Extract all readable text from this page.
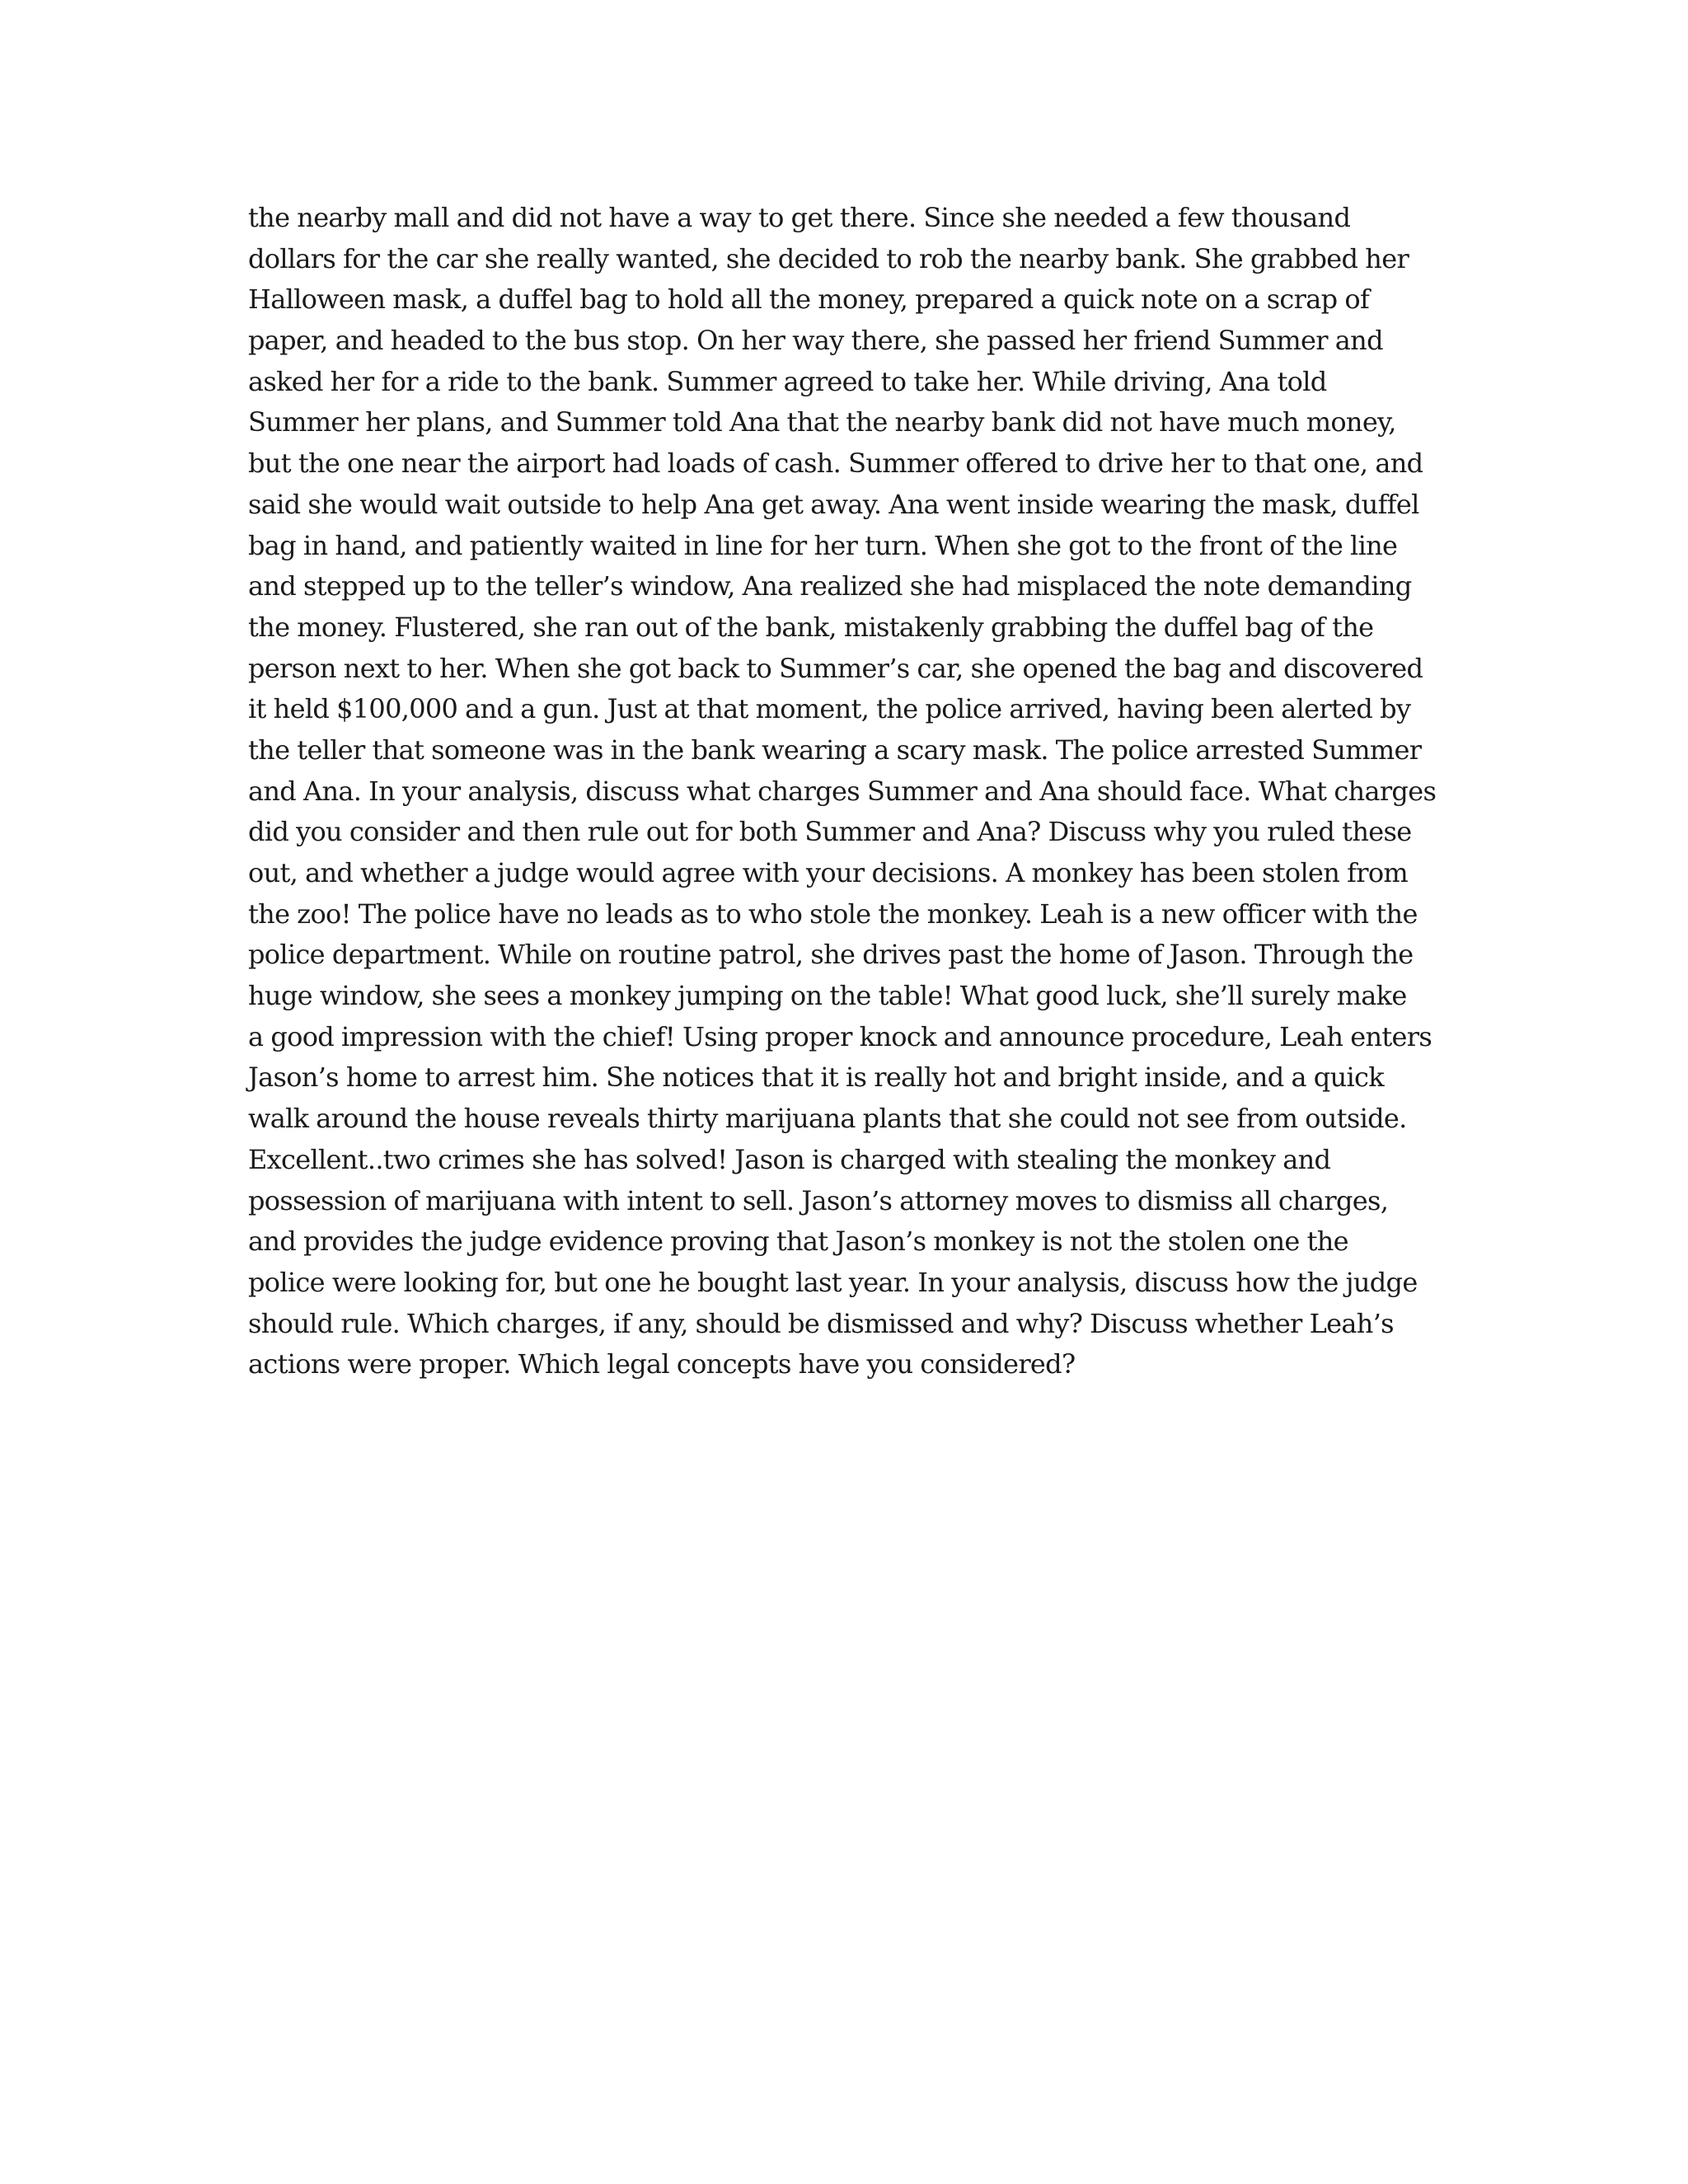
the nearby mall and did not have a way to get there. Since she needed a few thousand
dollars for the car she really wanted, she decided to rob the nearby bank. She grabbed her
Halloween mask, a duffel bag to hold all the money, prepared a quick note on a scrap of
paper, and headed to the bus stop. On her way there, she passed her friend Summer and
asked her for a ride to the bank. Summer agreed to take her. While driving, Ana told
Summer her plans, and Summer told Ana that the nearby bank did not have much money,
but the one near the airport had loads of cash. Summer offered to drive her to that one, and
said she would wait outside to help Ana get away. Ana went inside wearing the mask, duffel
bag in hand, and patiently waited in line for her turn. When she got to the front of the line
and stepped up to the teller’s window, Ana realized she had misplaced the note demanding
the money. Flustered, she ran out of the bank, mistakenly grabbing the duffel bag of the
person next to her. When she got back to Summer’s car, she opened the bag and discovered
it held $100,000 and a gun. Just at that moment, the police arrived, having been alerted by
the teller that someone was in the bank wearing a scary mask. The police arrested Summer
and Ana. In your analysis, discuss what charges Summer and Ana should face. What charges
did you consider and then rule out for both Summer and Ana? Discuss why you ruled these
out, and whether a judge would agree with your decisions. A monkey has been stolen from
the zoo! The police have no leads as to who stole the monkey. Leah is a new officer with the
police department. While on routine patrol, she drives past the home of Jason. Through the
huge window, she sees a monkey jumping on the table! What good luck, she’ll surely make
a good impression with the chief! Using proper knock and announce procedure, Leah enters
Jason’s home to arrest him. She notices that it is really hot and bright inside, and a quick
walk around the house reveals thirty marijuana plants that she could not see from outside.
Excellent..two crimes she has solved! Jason is charged with stealing the monkey and
possession of marijuana with intent to sell. Jason’s attorney moves to dismiss all charges,
and provides the judge evidence proving that Jason’s monkey is not the stolen one the
police were looking for, but one he bought last year. In your analysis, discuss how the judge
should rule. Which charges, if any, should be dismissed and why? Discuss whether Leah’s
actions were proper. Which legal concepts have you considered?
